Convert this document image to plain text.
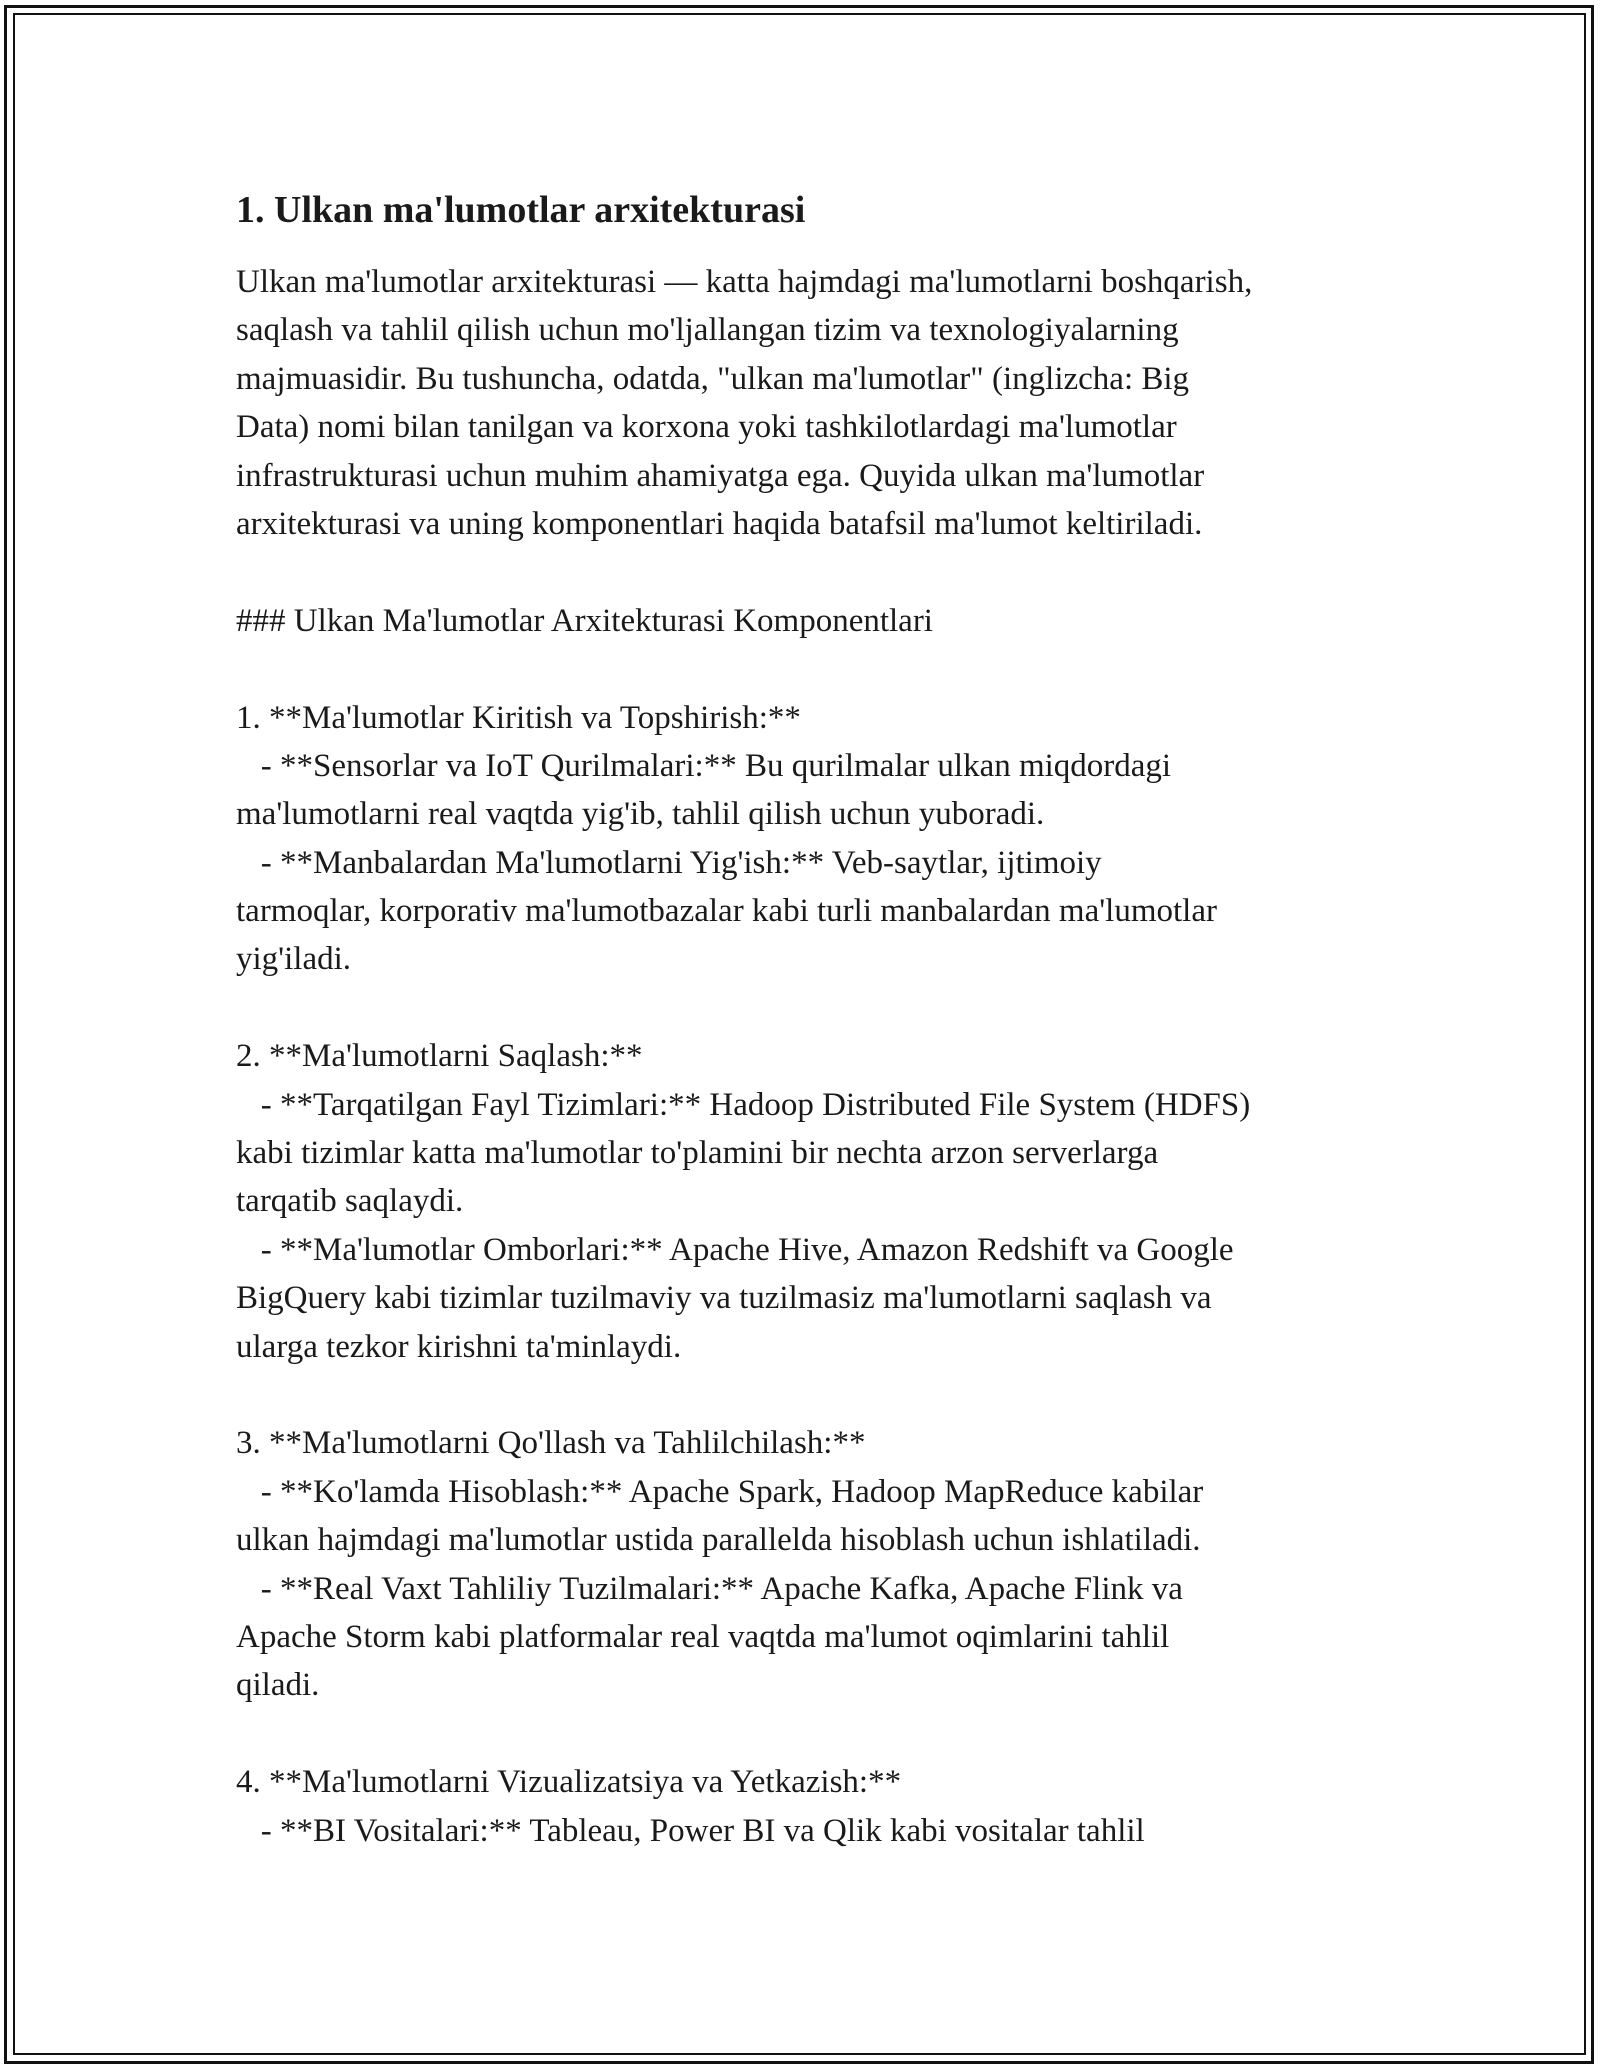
1. Ulkan ma'lumotlar arxitekturasi
Ulkan ma'lumotlar arxitekturasi — katta hajmdagi ma'lumotlarni boshqarish,
saqlash va tahlil qilish uchun mo'ljallangan tizim va texnologiyalarning
majmuasidir. Bu tushuncha, odatda, "ulkan ma'lumotlar" (inglizcha: Big
Data) nomi bilan tanilgan va korxona yoki tashkilotlardagi ma'lumotlar
infrastrukturasi uchun muhim ahamiyatga ega. Quyida ulkan ma'lumotlar
arxitekturasi va uning komponentlari haqida batafsil ma'lumot keltiriladi.
### Ulkan Ma'lumotlar Arxitekturasi Komponentlari
1. **Ma'lumotlar Kiritish va Topshirish:**
- **Sensorlar va IoT Qurilmalari:** Bu qurilmalar ulkan miqdordagi
ma'lumotlarni real vaqtda yig'ib, tahlil qilish uchun yuboradi.
- **Manbalardan Ma'lumotlarni Yig'ish:** Veb-saytlar, ijtimoiy
tarmoqlar, korporativ ma'lumotbazalar kabi turli manbalardan ma'lumotlar
yig'iladi.
2. **Ma'lumotlarni Saqlash:**
- **Tarqatilgan Fayl Tizimlari:** Hadoop Distributed File System (HDFS)
kabi tizimlar katta ma'lumotlar to'plamini bir nechta arzon serverlarga
tarqatib saqlaydi.
- **Ma'lumotlar Omborlari:** Apache Hive, Amazon Redshift va Google
BigQuery kabi tizimlar tuzilmaviy va tuzilmasiz ma'lumotlarni saqlash va
ularga tezkor kirishni ta'minlaydi.
3. **Ma'lumotlarni Qo'llash va Tahlilchilash:**
- **Ko'lamda Hisoblash:** Apache Spark, Hadoop MapReduce kabilar
ulkan hajmdagi ma'lumotlar ustida parallelda hisoblash uchun ishlatiladi.
- **Real Vaxt Tahliliy Tuzilmalari:** Apache Kafka, Apache Flink va
Apache Storm kabi platformalar real vaqtda ma'lumot oqimlarini tahlil
qiladi.
4. **Ma'lumotlarni Vizualizatsiya va Yetkazish:**
- **BI Vositalari:** Tableau, Power BI va Qlik kabi vositalar tahlil
